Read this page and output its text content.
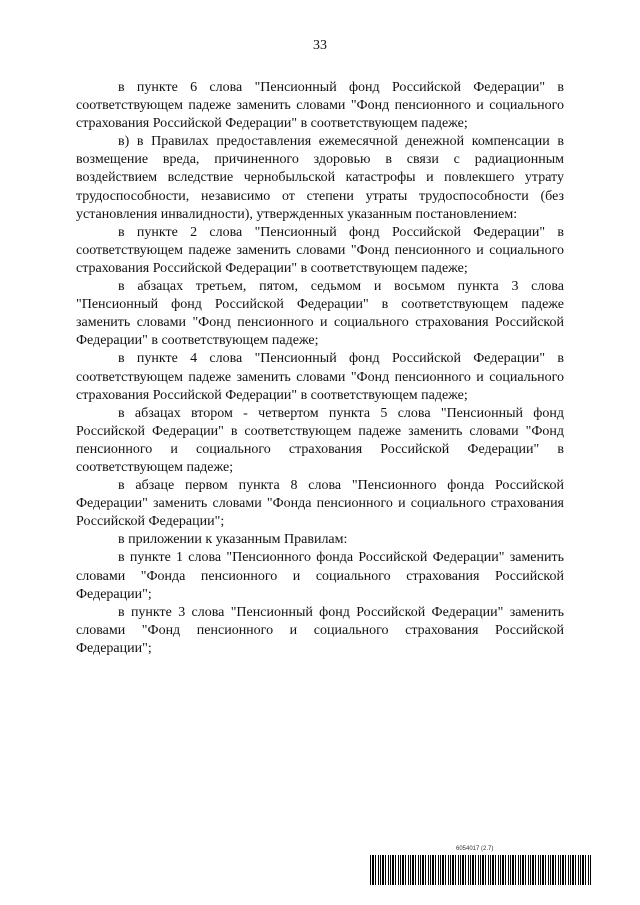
33

в пункте 6 слова "Пенсионный фонд Российской Федерации" в соответствующем падеже заменить словами "Фонд пенсионного и социального страхования Российской Федерации" в соответствующем падеже;

в) в Правилах предоставления ежемесячной денежной компенсации в возмещение вреда, причиненного здоровью в связи с радиационным воздействием вследствие чернобыльской катастрофы и повлекшего утрату трудоспособности, независимо от степени утраты трудоспособности (без установления инвалидности), утвержденных указанным постановлением:

в пункте 2 слова "Пенсионный фонд Российской Федерации" в соответствующем падеже заменить словами "Фонд пенсионного и социального страхования Российской Федерации" в соответствующем падеже;

в абзацах третьем, пятом, седьмом и восьмом пункта 3 слова "Пенсионный фонд Российской Федерации" в соответствующем падеже заменить словами "Фонд пенсионного и социального страхования Российской Федерации" в соответствующем падеже;

в пункте 4 слова "Пенсионный фонд Российской Федерации" в соответствующем падеже заменить словами "Фонд пенсионного и социального страхования Российской Федерации" в соответствующем падеже;

в абзацах втором - четвертом пункта 5 слова "Пенсионный фонд Российской Федерации" в соответствующем падеже заменить словами "Фонд пенсионного и социального страхования Российской Федерации" в соответствующем падеже;

в абзаце первом пункта 8 слова "Пенсионного фонда Российской Федерации" заменить словами "Фонда пенсионного и социального страхования Российской Федерации";

в приложении к указанным Правилам:

в пункте 1 слова "Пенсионного фонда Российской Федерации" заменить словами "Фонда пенсионного и социального страхования Российской Федерации";

в пункте 3 слова "Пенсионный фонд Российской Федерации" заменить словами "Фонд пенсионного и социального страхования Российской Федерации";

6054017 (2.7)
